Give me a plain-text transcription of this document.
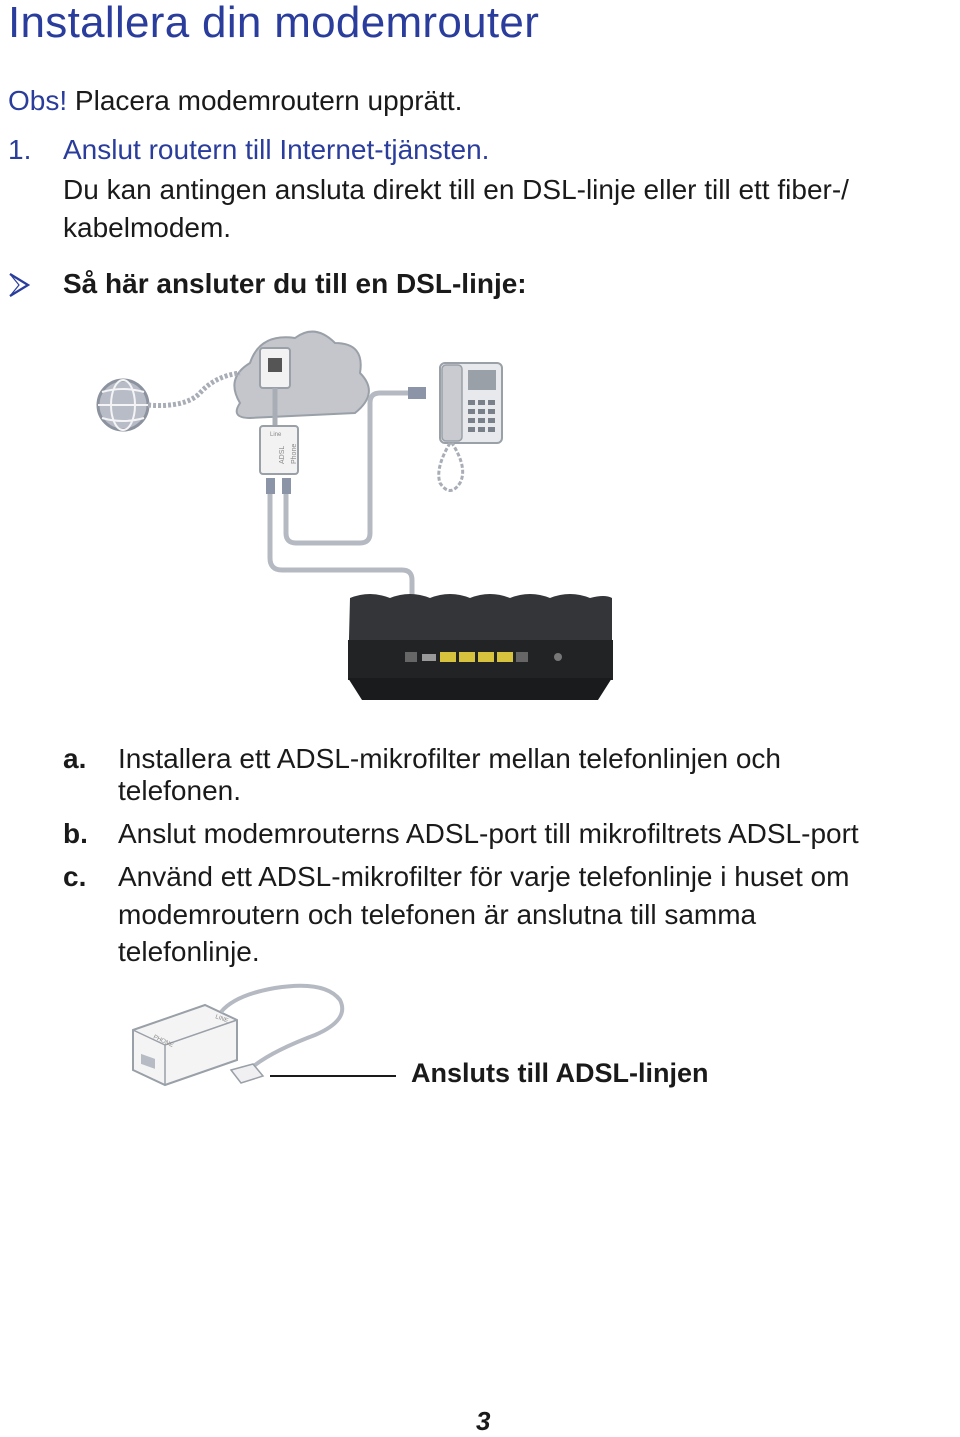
Installera din modemrouter
Obs! Placera modemroutern upprätt.
1. Anslut routern till Internet-tjänsten.
Du kan antingen ansluta direkt till en DSL-linje eller till ett fiber-/
kabelmodem.
Så här ansluter du till en DSL-linje:
Line
ADSL Phone
a. Installera ett ADSL-mikrofilter mellan telefonlinjen och
telefonen.
b. Anslut modemrouterns ADSL-port till mikrofiltrets ADSL-port
c. Använd ett ADSL-mikrofilter för varje telefonlinje i huset om
modemroutern och telefonen är anslutna till samma
telefonlinje.
PHONE
LINE
Ansluts till ADSL-linjen
3
